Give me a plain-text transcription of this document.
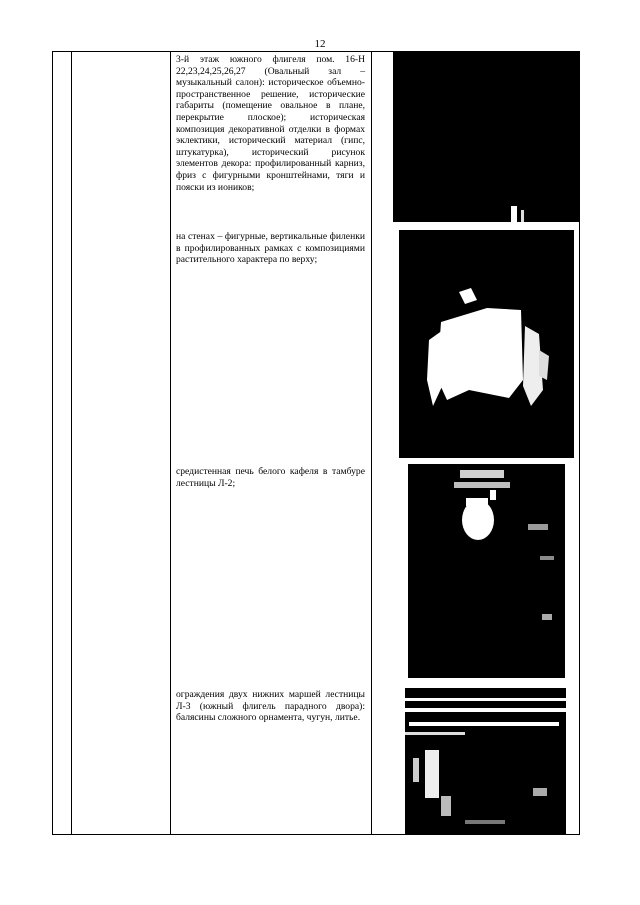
12
3-й этаж южного флигеля пом. 16-Н 22,23,24,25,26,27 (Овальный зал – музыкальный салон): историческое объемно-пространственное решение, исторические габариты (помещение овальное в плане, перекрытие плоское); историческая композиция декоративной отделки в формах эклектики, исторический материал (гипс, штукатурка), исторический рисунок элементов декора: профилированный карниз, фриз с фигурными кронштейнами, тяги и пояски из иоников;
на стенах – фигурные, вертикальные филенки в профилированных рамках с композициями растительного характера по верху;
средистенная печь белого кафеля в тамбуре лестницы Л-2;
ограждения двух нижних маршей лестницы Л-3 (южный флигель парадного двора): балясины сложного орнамента, чугун, литье.
